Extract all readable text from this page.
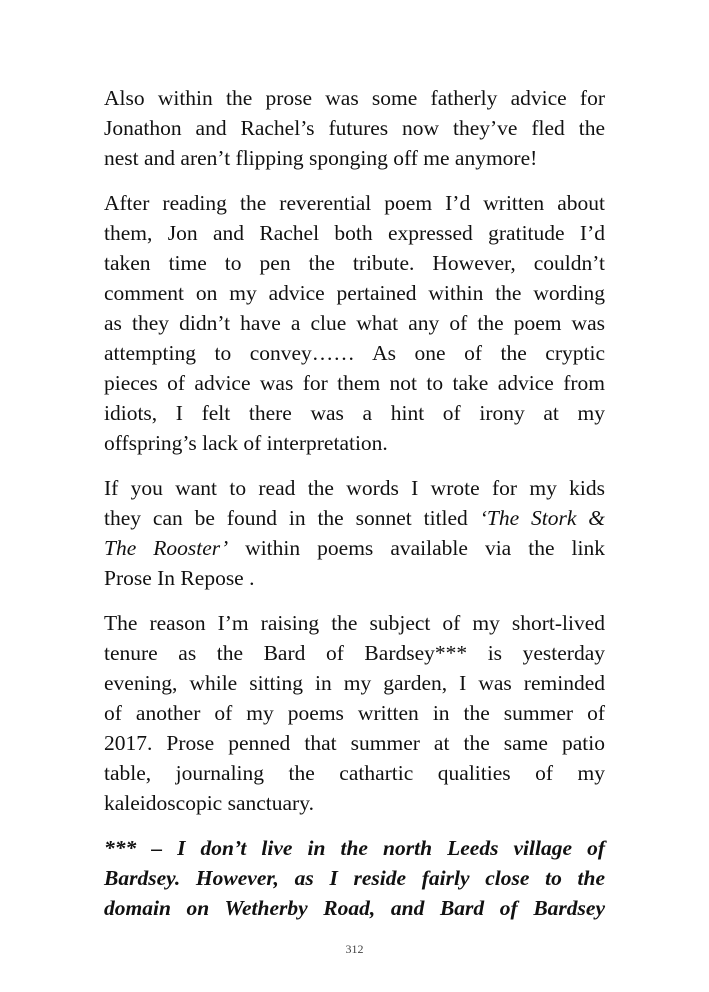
Also within the prose was some fatherly advice for
Jonathon and Rachel’s futures now they’ve fled the
nest and aren’t flipping sponging off me anymore!

After reading the reverential poem I’d written about
them, Jon and Rachel both expressed gratitude I’d
taken time to pen the tribute. However, couldn’t
comment on my advice pertained within the wording
as they didn’t have a clue what any of the poem was
attempting to convey…… As one of the cryptic
pieces of advice was for them not to take advice from
idiots, I felt there was a hint of irony at my
offspring’s lack of interpretation.

If you want to read the words I wrote for my kids
they can be found in the sonnet titled ‘The Stork &
The Rooster’ within poems available via the link
Prose In Repose .

The reason I’m raising the subject of my short-lived
tenure as the Bard of Bardsey*** is yesterday
evening, while sitting in my garden, I was reminded
of another of my poems written in the summer of
2017. Prose penned that summer at the same patio
table, journaling the cathartic qualities of my
kaleidoscopic sanctuary.

*** – I don’t live in the north Leeds village of
Bardsey. However, as I reside fairly close to the
domain on Wetherby Road, and Bard of Bardsey

312
